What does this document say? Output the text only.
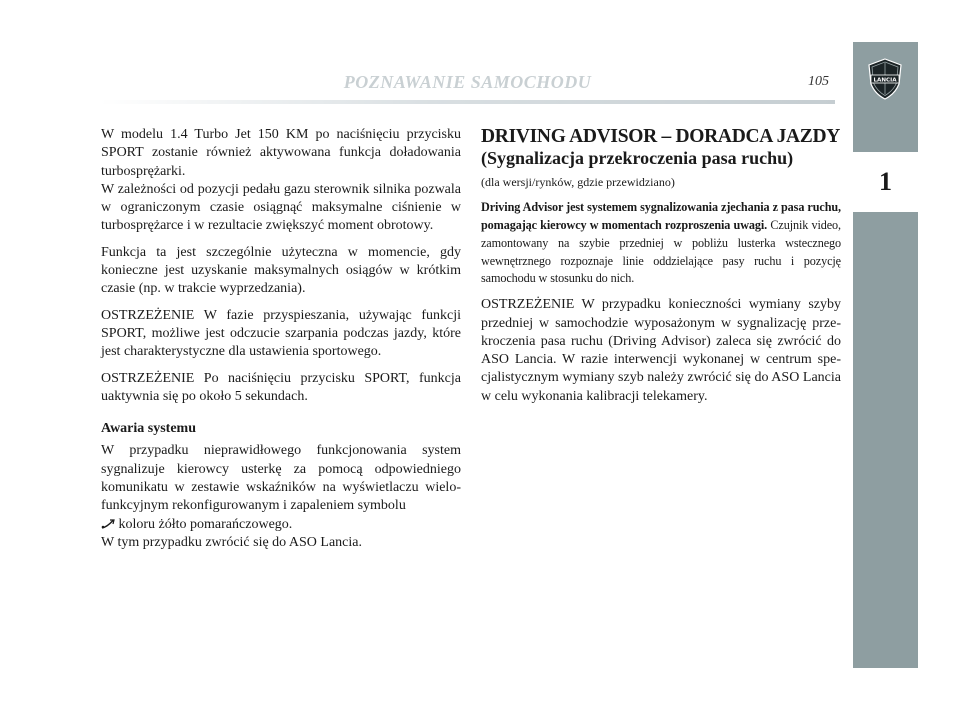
POZNAWANIE SAMOCHODU	105	LANCIA
1

W modelu 1.4 Turbo Jet 150 KM po naciśnięciu przycisku SPORT zostanie również aktywowana funkcja doładowania turbosprężarki.

W zależności od pozycji pedału gazu sterownik silnika pozwala w ograniczonym czasie osiągnąć maksymalne ciśnienie w turbosprężarce i w rezultacie zwiększyć moment obrotowy.

Funkcja ta jest szczególnie użyteczna w momencie, gdy konieczne jest uzyskanie maksymalnych osiągów w krótkim czasie (np. w trakcie wyprzedzania).

OSTRZEŻENIE W fazie przyspieszania, używając funkcji SPORT, możliwe jest odczucie szarpania podczas jazdy, które jest charakterystyczne dla ustawienia sportowego.

OSTRZEŻENIE Po naciśnięciu przycisku SPORT, funkcja uaktywnia się po około 5 sekundach.

Awaria systemu

W przypadku nieprawidłowego funkcjonowania system sygnalizuje kierowcy usterkę za pomocą odpowiedniego komunikatu w zestawie wskaźników na wyświetlaczu wielo-funkcyjnym rekonfigurowanym i zapaleniem symbolu
koloru żółto pomarańczowego.

W tym przypadku zwrócić się do ASO Lancia.

DRIVING ADVISOR – DORADCA JAZDY
(Sygnalizacja przekroczenia pasa ruchu)
(dla wersji/rynków, gdzie przewidziano)

Driving Advisor jest systemem sygnalizowania zjechania z pasa ruchu, pomagając kierowcy w momentach rozproszenia uwagi. Czujnik video, zamontowany na szybie przedniej w pobliżu lusterka wstecznego wewnętrznego rozpoznaje linie oddzielające pasy ruchu i pozycję samochodu w stosunku do nich.

OSTRZEŻENIE W przypadku konieczności wymiany szyby przedniej w samochodzie wyposażonym w sygnalizację prze-kroczenia pasa ruchu (Driving Advisor) zaleca się zwrócić do ASO Lancia. W razie interwencji wykonanej w centrum spe-cjalistycznym wymiany szyb należy zwrócić się do ASO Lancia w celu wykonania kalibracji telekamery.
